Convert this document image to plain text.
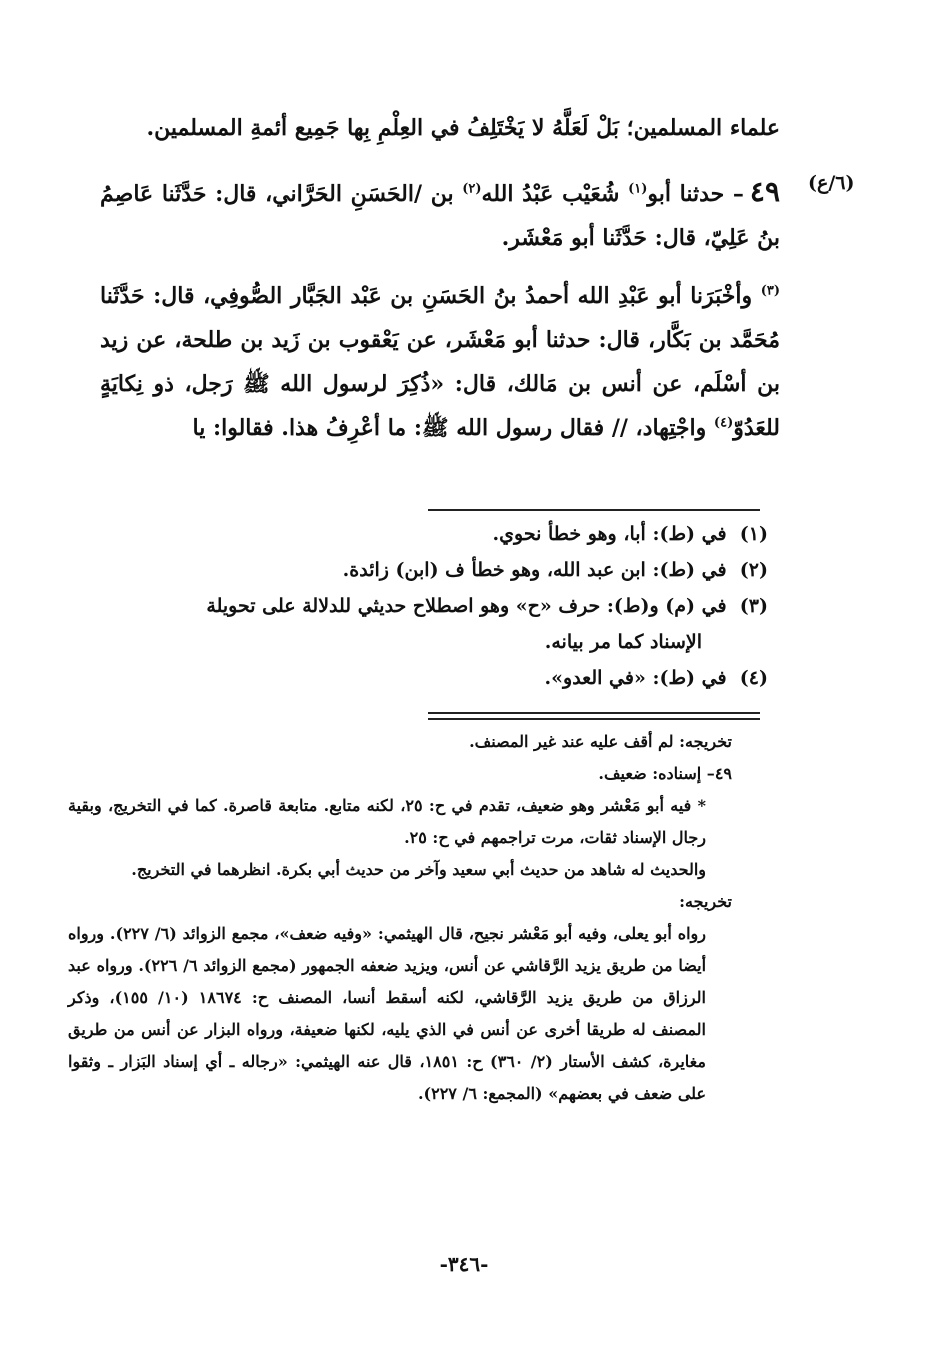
علماء المسلمين؛ بَلْ لَعَلَّهُ لا يَخْتَلِفُ في العِلْمِ بِها جَمِيع أئمةِ المسلمين.

(٦/ع)

٤٩– حدثنا أبو$^{(١)}$ شُعَيْب عَبْدُ الله$^{(٢)}$ بن /الحَسَنِ الحَرَّاني، قال: حَدَّثَنا عَاصِمُ بنُ عَلِيّ، قال: حَدَّثَنا أبو مَعْشَر.

$^{(٣)}$ وأخْبَرَنا أبو عَبْدِ الله أحمدُ بنُ الحَسَنِ بن عَبْد الجَبَّار الصُّوفِي، قال: حَدَّثَنا مُحَمَّد بن بَكَّار، قال: حدثنا أبو مَعْشَر، عن يَعْقوب بن زَيد بن طلحة، عن زيد بن أسْلَم، عن أنس بن مَالك، قال: «ذُكِرَ لرسول الله ﷺ رَجل، ذو نِكايَةٍ للعَدُوّ$^{(٤)}$ واجْتِهاد، // فقال رسول الله ﷺ: ما أعْرِفُ هذا. فقالوا: يا

(١)  في (ط): أبا، وهو خطأ نحوي.

(٢)  في (ط): ابن عبد الله، وهو خطأ ف (ابن) زائدة.

(٣)  في (م) و(ط): حرف «ح» وهو اصطلاح حديثي للدلالة على تحويلة

الإسناد كما مر بيانه.

(٤)  في (ط): «في العدو».

تخريجه: لم أقف عليه عند غير المصنف.

٤٩– إسناده: ضعيف.

* فيه أبو مَعْشر وهو ضعيف، تقدم في ح: ٢٥، لكنه متابع. متابعة قاصرة. كما في التخريج، وبقية رجال الإسناد ثقات، مرت تراجمهم في ح: ٢٥.

والحديث له شاهد من حديث أبي سعيد وآخر من حديث أبي بكرة. انظرهما في التخريج.

تخريجه:

رواه أبو يعلى، وفيه أبو مَعْشر نجيح، قال الهيثمي: «وفيه ضعف»، مجمع الزوائد (٦/ ٢٢٧). ورواه أيضا من طريق يزيد الرَّقاشي عن أنس، ويزيد ضعفه الجمهور (مجمع الزوائد ٦/ ٢٢٦). ورواه عبد الرزاق من طريق يزيد الرَّقاشي، لكنه أسقط أنسا، المصنف ح: ١٨٦٧٤ (١٠/ ١٥٥)، وذكر المصنف له طريقا أخرى عن أنس في الذي يليه، لكنها ضعيفة، ورواه البزار عن أنس من طريق مغايرة، كشف الأستار (٢/ ٣٦٠) ح: ١٨٥١، قال عنه الهيثمي: «رجاله ـ أي إسناد البَزار ـ وثقوا على ضعف في بعضهم» (المجمع: ٦/ ٢٢٧).

-٣٤٦-
